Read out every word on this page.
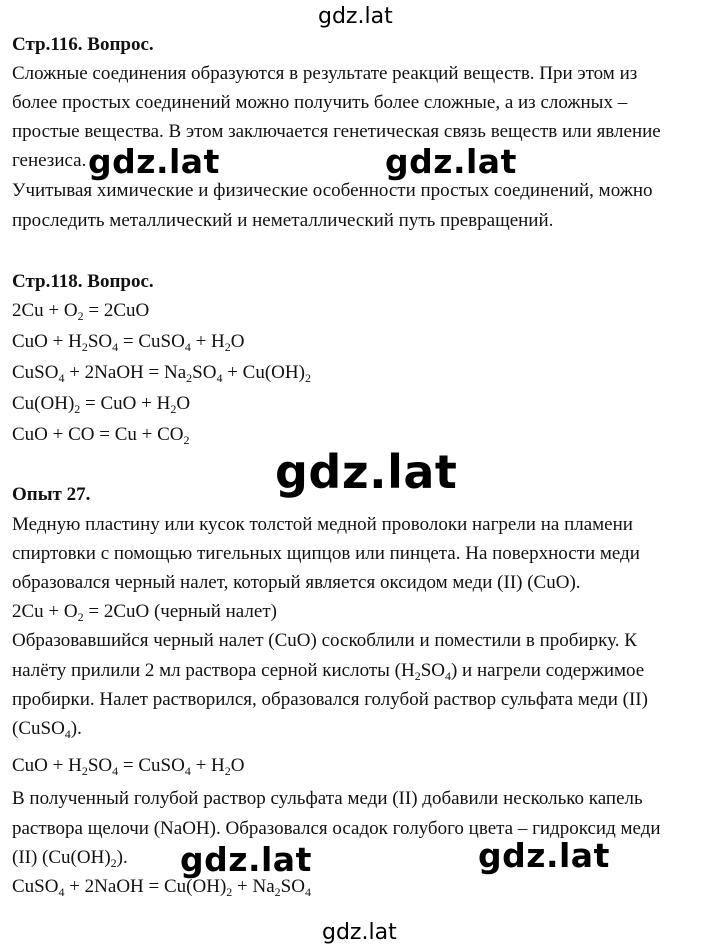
gdz.lat
Стр.116. Вопрос.
Сложные соединения образуются в результате реакций веществ. При этом из
более простых соединений можно получить более сложные, а из сложных –
простые вещества. В этом заключается генетическая связь веществ или явление
генезиса. gdz.lat	gdz.lat
Учитывая химические и физические особенности простых соединений, можно
проследить металлический и неметаллический путь превращений.
Стр.118. Вопрос.
$2Cu + O_2 = 2CuO$
CuO + $H_2SO_4$ = CuSO$_4$ + $H_2O$
CuSO$_4$ + 2NaOH = $Na_2SO_4 + Cu(OH)_2$
$Cu(OH)_2$ = CuO + $H_2O$
CuO + CO = $Cu + CO_2$
gdz.lat
Опыт 27.
Медную пластину или кусок толстой медной проволоки нагрели на пламени
спиртовки с помощью тигельных щипцов или пинцета. На поверхности меди
образовался черный налет, который является оксидом меди (II) (CuO).
$2Cu + O_2 = 2CuO$ (черный налет)
Образовавшийся черный налет (CuO) соскоблили и поместили в пробирку. К
налёту прилили 2 мл раствора серной кислоты $(H_2SO_4)$ и нагрели содержимое
пробирки. Налет растворился, образовался голубой раствор сульфата меди (II)
(CuSO$_4$).
CuO + $H_2SO_4$ = CuSO$_4$ + $H_2O$
В полученный голубой раствор сульфата меди (II) добавили несколько капель
раствора щелочи (NaOH). Образовался осадок голубого цвета – гидроксид меди
(II) $(Cu(OH)_2)$. gdz.lat	gdz.lat
CuSO$_4$ + 2NaOH = $Cu(OH)_2 + Na_2SO_4$
gdz.lat
